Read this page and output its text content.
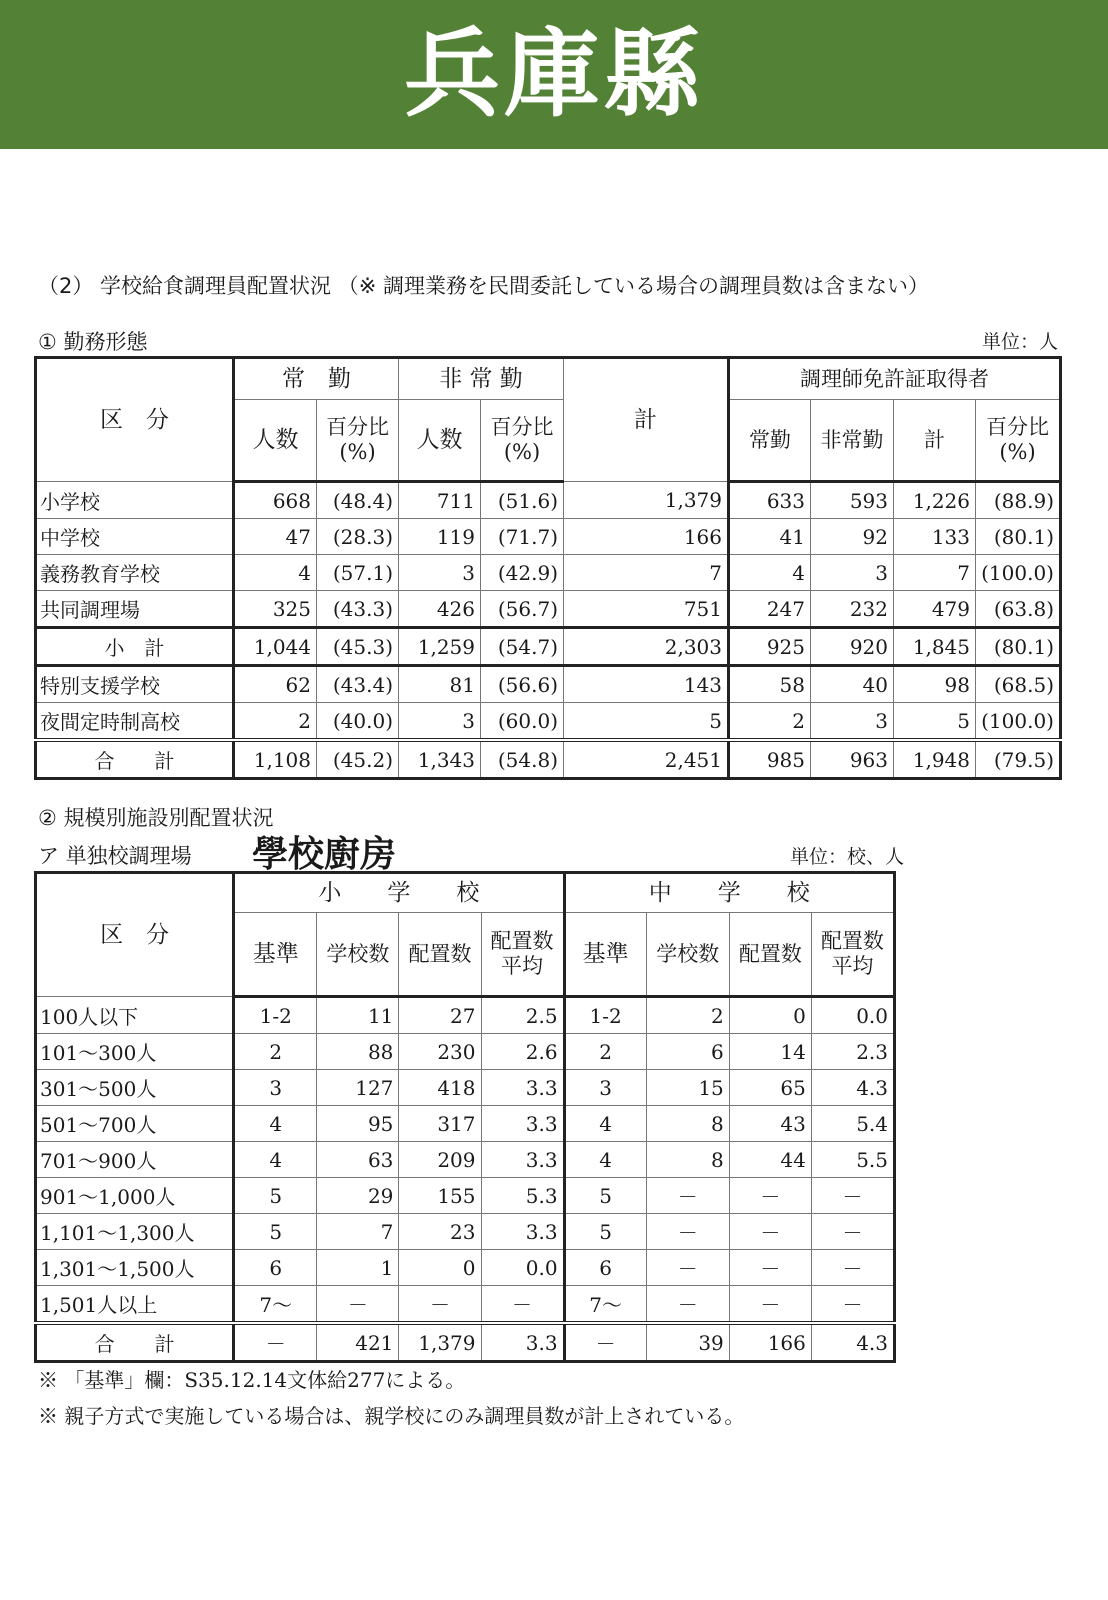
兵庫縣
（2） 学校給食調理員配置状況 （※ 調理業務を民間委託している場合の調理員数は含まない）
① 勤務形態	単位：人
区　分	常　勤		非 常 勤		計	調理師免許証取得者			
	人数	百分比 (%)	人数	百分比 (%)		常勤	非常勤	計	百分比 (%)
小学校	668	(48.4)	711	(51.6)	1,379	633	593	1,226	(88.9)
中学校	47	(28.3)	119	(71.7)	166	41	92	133	(80.1)
義務教育学校	4	(57.1)	3	(42.9)	7	4	3	7	(100.0)
共同調理場	325	(43.3)	426	(56.7)	751	247	232	479	(63.8)
小　計	1,044	(45.3)	1,259	(54.7)	2,303	925	920	1,845	(80.1)
特別支援学校	62	(43.4)	81	(56.6)	143	58	40	98	(68.5)
夜間定時制高校	2	(40.0)	3	(60.0)	5	2	3	5	(100.0)
合　　計	1,108	(45.2)	1,343	(54.8)	2,451	985	963	1,948	(79.5)
② 規模別施設別配置状況
ア 単独校調理場 學校廚房	単位：校、人
区　分	小　　学　　校				中　　学　　校			
	基準	学校数	配置数	配置数 平均	基準	学校数	配置数	配置数 平均
100人以下	1-2	11	27	2.5	1-2	2	0	0.0
101～300人	2	88	230	2.6	2	6	14	2.3
301～500人	3	127	418	3.3	3	15	65	4.3
501～700人	4	95	317	3.3	4	8	43	5.4
701～900人	4	63	209	3.3	4	8	44	5.5
901～1,000人	5	29	155	5.3	5	－	－	－
1,101～1,300人	5	7	23	3.3	5	－	－	－
1,301～1,500人	6	1	0	0.0	6	－	－	－
1,501人以上	7～	－	－	－	7～	－	－	－
合　　計	－	421	1,379	3.3	－	39	166	4.3
※ 「基準」欄：S35.12.14文体給277による。
※ 親子方式で実施している場合は、親学校にのみ調理員数が計上されている。
